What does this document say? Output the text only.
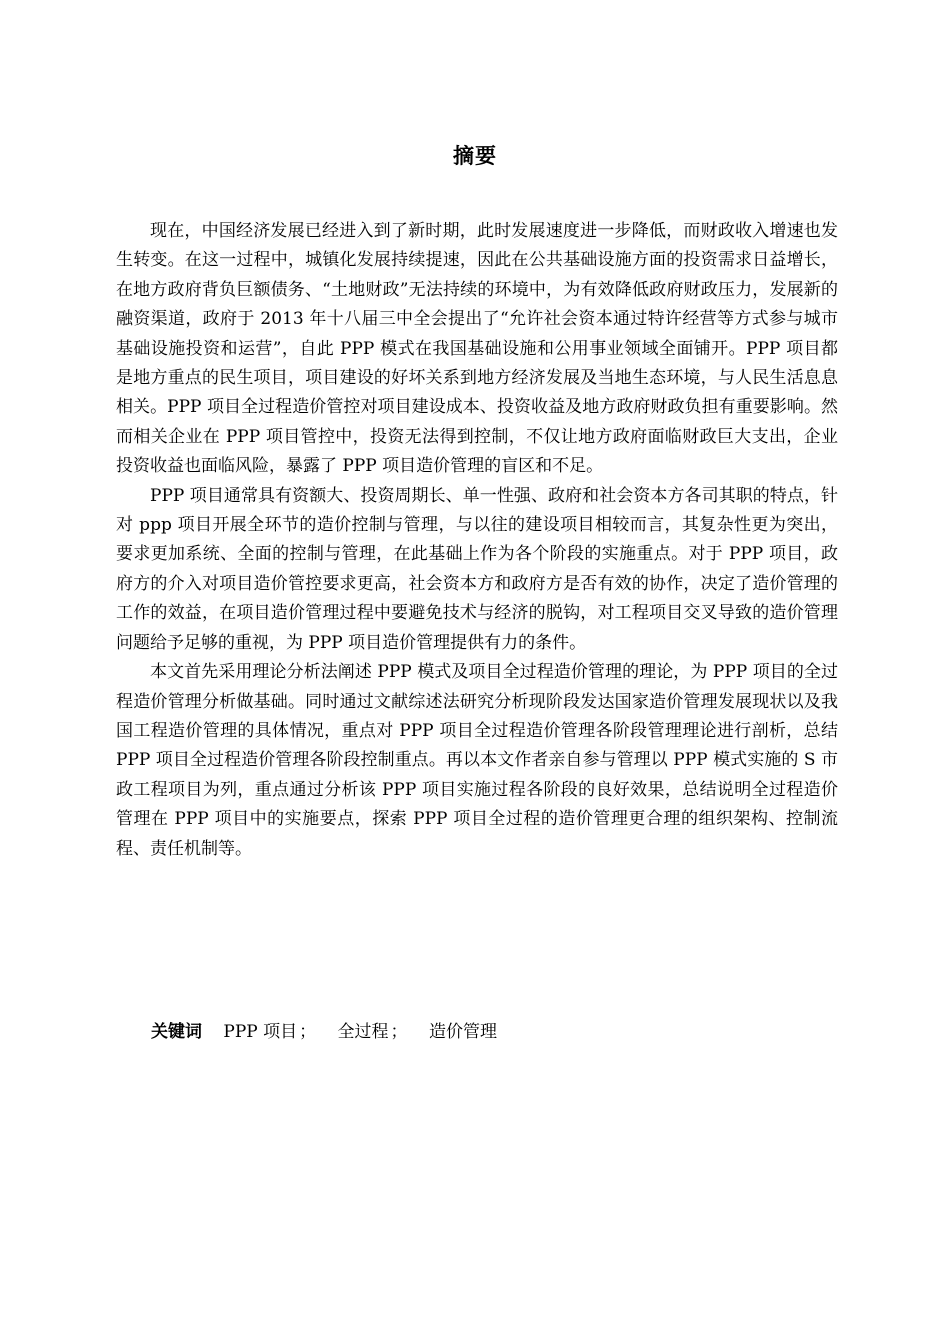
摘要

现在，中国经济发展已经进入到了新时期，此时发展速度进一步降低，而财政收入增速也发生转变。在这一过程中，城镇化发展持续提速，因此在公共基础设施方面的投资需求日益增长，在地方政府背负巨额债务、“土地财政”无法持续的环境中，为有效降低政府财政压力，发展新的融资渠道，政府于 2013 年十八届三中全会提出了“允许社会资本通过特许经营等方式参与城市基础设施投资和运营”，自此 PPP 模式在我国基础设施和公用事业领域全面铺开。PPP 项目都是地方重点的民生项目，项目建设的好坏关系到地方经济发展及当地生态环境，与人民生活息息相关。PPP 项目全过程造价管控对项目建设成本、投资收益及地方政府财政负担有重要影响。然而相关企业在 PPP 项目管控中，投资无法得到控制，不仅让地方政府面临财政巨大支出，企业投资收益也面临风险，暴露了 PPP 项目造价管理的盲区和不足。

PPP 项目通常具有资额大、投资周期长、单一性强、政府和社会资本方各司其职的特点，针对 ppp 项目开展全环节的造价控制与管理，与以往的建设项目相较而言，其复杂性更为突出，要求更加系统、全面的控制与管理，在此基础上作为各个阶段的实施重点。对于 PPP 项目，政府方的介入对项目造价管控要求更高，社会资本方和政府方是否有效的协作，决定了造价管理的工作的效益，在项目造价管理过程中要避免技术与经济的脱钩，对工程项目交叉导致的造价管理问题给予足够的重视，为 PPP 项目造价管理提供有力的条件。

本文首先采用理论分析法阐述 PPP 模式及项目全过程造价管理的理论，为 PPP 项目的全过程造价管理分析做基础。同时通过文献综述法研究分析现阶段发达国家造价管理发展现状以及我国工程造价管理的具体情况，重点对 PPP 项目全过程造价管理各阶段管理理论进行剖析，总结 PPP 项目全过程造价管理各阶段控制重点。再以本文作者亲自参与管理以 PPP 模式实施的 S 市政工程项目为列，重点通过分析该 PPP 项目实施过程各阶段的良好效果，总结说明全过程造价管理在 PPP 项目中的实施要点，探索 PPP 项目全过程的造价管理更合理的组织架构、控制流程、责任机制等。

关键词 PPP 项目 ； 全过程 ； 造价管理
